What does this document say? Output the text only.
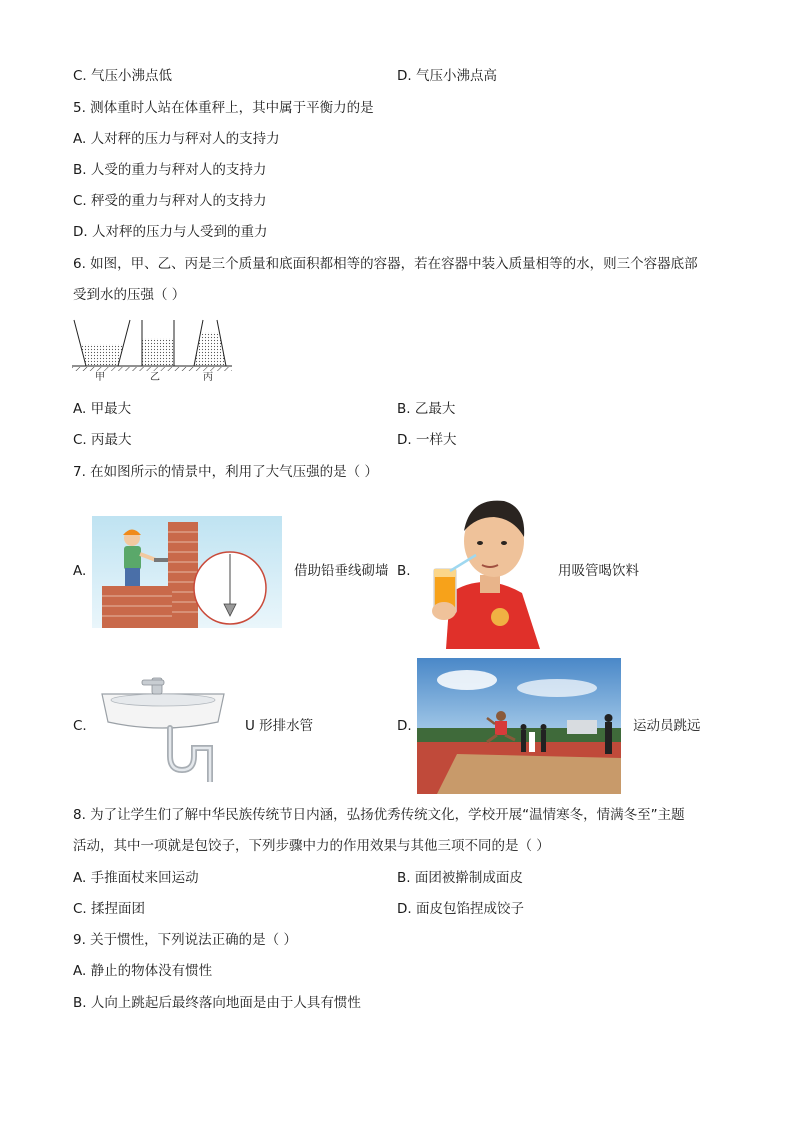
C. 气压小沸点低	D. 气压小沸点高
5. 测体重时人站在体重秤上，其中属于平衡力的是
A. 人对秤的压力与秤对人的支持力
B. 人受的重力与秤对人的支持力
C. 秤受的重力与秤对人的支持力
D. 人对秤的压力与人受到的重力
6. 如图，甲、乙、丙是三个质量和底面积都相等的容器，若在容器中装入质量相等的水，则三个容器底部
受到水的压强（ ）
甲	乙	丙
A. 甲最大	B. 乙最大
C. 丙最大	D. 一样大
7. 在如图所示的情景中，利用了大气压强的是（ ）
A.	借助铅垂线砌墙 B.	用吸管喝饮料
C.	U 形排水管	D.	运动员跳远
8. 为了让学生们了解中华民族传统节日内涵，弘扬优秀传统文化，学校开展“温情寒冬，情满冬至”主题
活动，其中一项就是包饺子，下列步骤中力的作用效果与其他三项不同的是（ ）
A. 手推面杖来回运动	B. 面团被擀制成面皮
C. 揉捏面团	D. 面皮包馅捏成饺子
9. 关于惯性，下列说法正确的是（ ）
A. 静止的物体没有惯性
B. 人向上跳起后最终落向地面是由于人具有惯性
